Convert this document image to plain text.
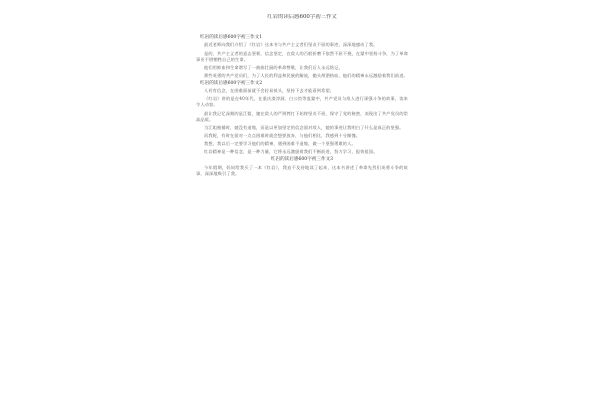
红岩的读后感600字初三作文
红岩的读后感600字初三作文1

最近老师向我们介绍了《红岩》这本书与共产主义者们坚贞不屈的事迹，深深地感动了我。

是的，共产主义者的意志坚韧，信念坚定，在敌人的百般折磨下依然不屈不挠，在狱中坚持斗争，为了革命事业不惜牺牲自己的生命。

他们用鲜血和生命谱写了一曲曲壮丽的革命赞歌，让我们后人永远铭记。

那些英勇的共产党员们，为了人民的利益和民族的解放，抛头颅洒热血，他们的精神永远激励着我们前进。

红岩的读后感600字初三作文2

人若有信念，在困难面前就不会轻易低头，坚持下去才能看到希望。

《红岩》讲的是在40年代，在重庆渣滓洞、白公馆等监狱中，共产党员与敌人进行顽强斗争的故事，读来令人动容。

最让我记忆深刻的是江姐，她在敌人的严刑拷打下始终坚贞不屈，保守了党的秘密，表现出了共产党员的崇高品质。

当江姐被捕时，她没有退缩，而是以更加坚定的信念面对敌人，她的事迹让我明白了什么是真正的坚强。

而我呢，有时在面对一点点困难时就会想要放弃，与他们相比，我感到十分惭愧。

我想，我以后一定要学习他们的精神，遇到困难不退缩，做一个坚强勇敢的人。

红岩精神是一种信念，是一种力量，它将永远激励着我们不断前进，努力学习，报效祖国。

红岩的读后感600字初三作文3

今年假期，妈妈给我买了一本《红岩》，我迫不及待地读了起来，这本书讲述了革命先烈们英勇斗争的故事，深深地吸引了我。
